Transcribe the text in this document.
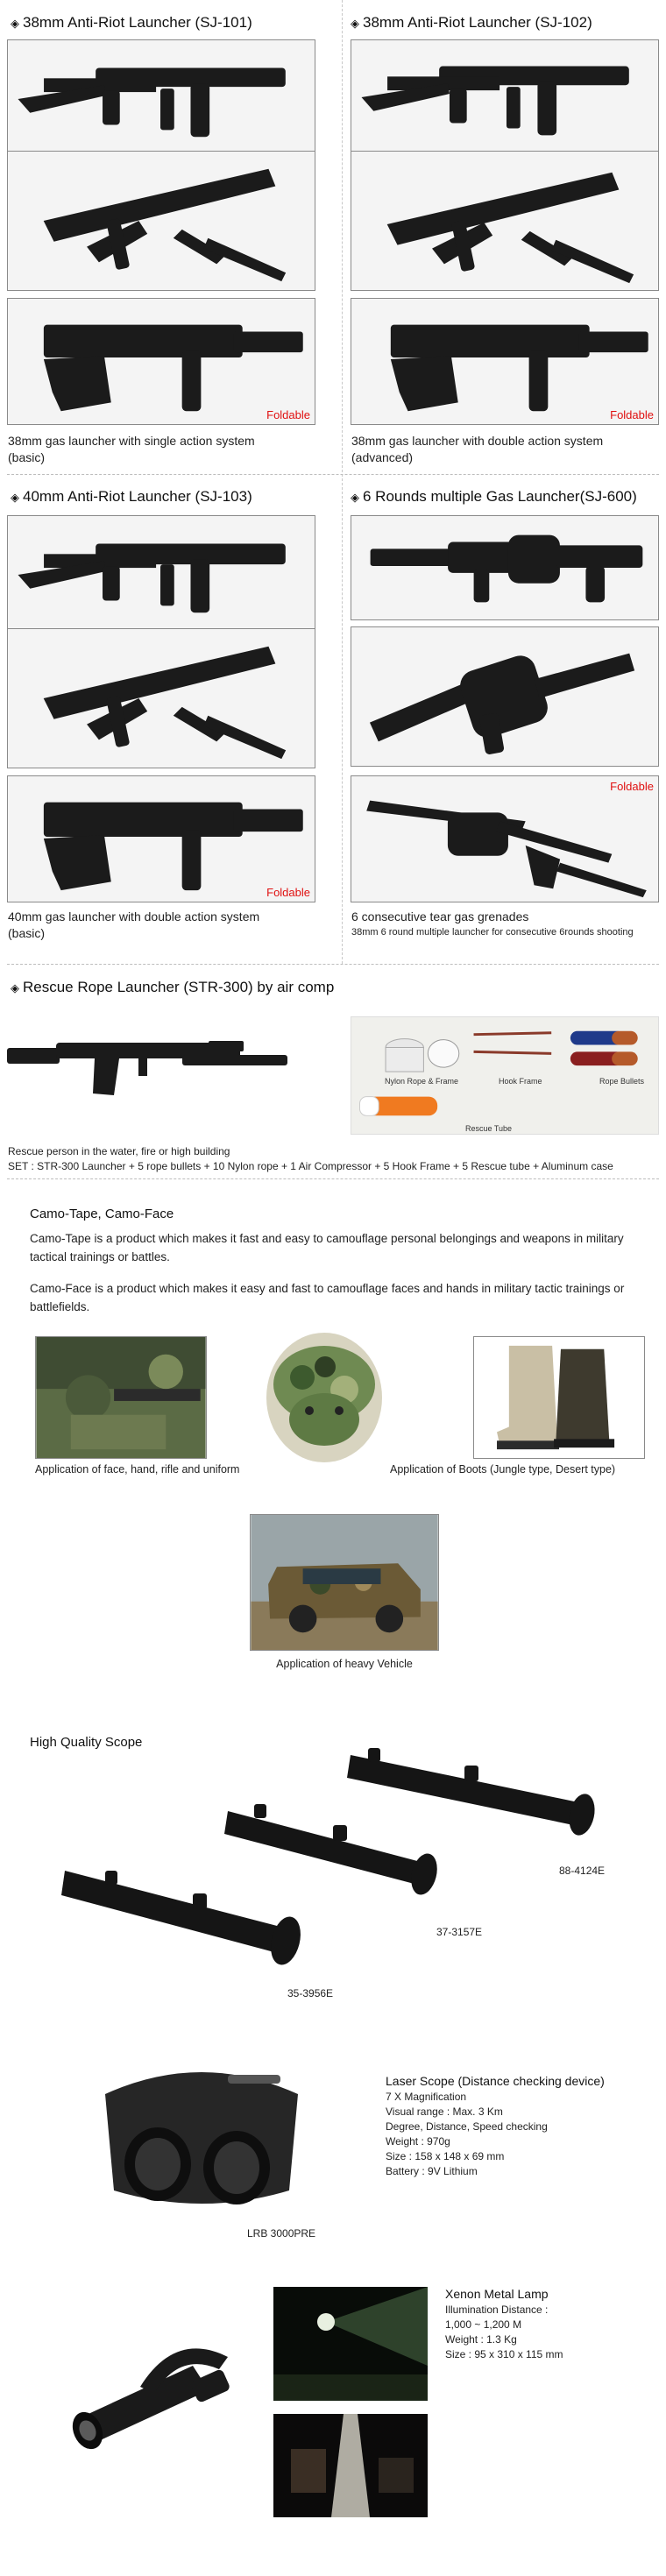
◈ 38mm Anti-Riot Launcher (SJ-101)
Foldable
38mm gas launcher with single action system
(basic)
◈ 38mm Anti-Riot Launcher (SJ-102)
Foldable
38mm gas launcher with double action system
(advanced)
◈ 40mm Anti-Riot Launcher (SJ-103)
Foldable
40mm gas launcher with double action system
(basic)
◈ 6 Rounds multiple Gas Launcher(SJ-600)
Foldable
6 consecutive tear gas grenades
38mm 6 round multiple launcher for consecutive 6rounds shooting
◈ Rescue Rope Launcher (STR-300) by air comp
Nylon Rope & Frame	Hook Frame	Rope Bullets
Rescue Tube
Rescue person in the water, fire or high building
SET : STR-300 Launcher + 5 rope bullets + 10 Nylon rope + 1 Air Compressor + 5 Hook Frame + 5 Rescue tube + Aluminum case
Camo-Tape, Camo-Face
Camo-Tape is a product which makes it fast and easy to camouflage personal belongings and weapons in military tactical trainings or battles.
Camo-Face is a product which makes it easy and fast to camouflage faces and hands in military tactic trainings or battlefields.
Application of face, hand, rifle and uniform	Application of Boots (Jungle type, Desert type)
Application of heavy Vehicle
High Quality Scope
88-4124E
37-3157E
35-3956E
LRB 3000PRE
Laser Scope (Distance checking device)
7 X Magnification
Visual range : Max. 3 Km
Degree, Distance, Speed checking
Weight : 970g
Size : 158 x 148 x 69 mm
Battery : 9V Lithium
Xenon Metal Lamp
Illumination Distance :
1,000 ~ 1,200 M
Weight : 1.3 Kg
Size : 95 x 310 x 115 mm
